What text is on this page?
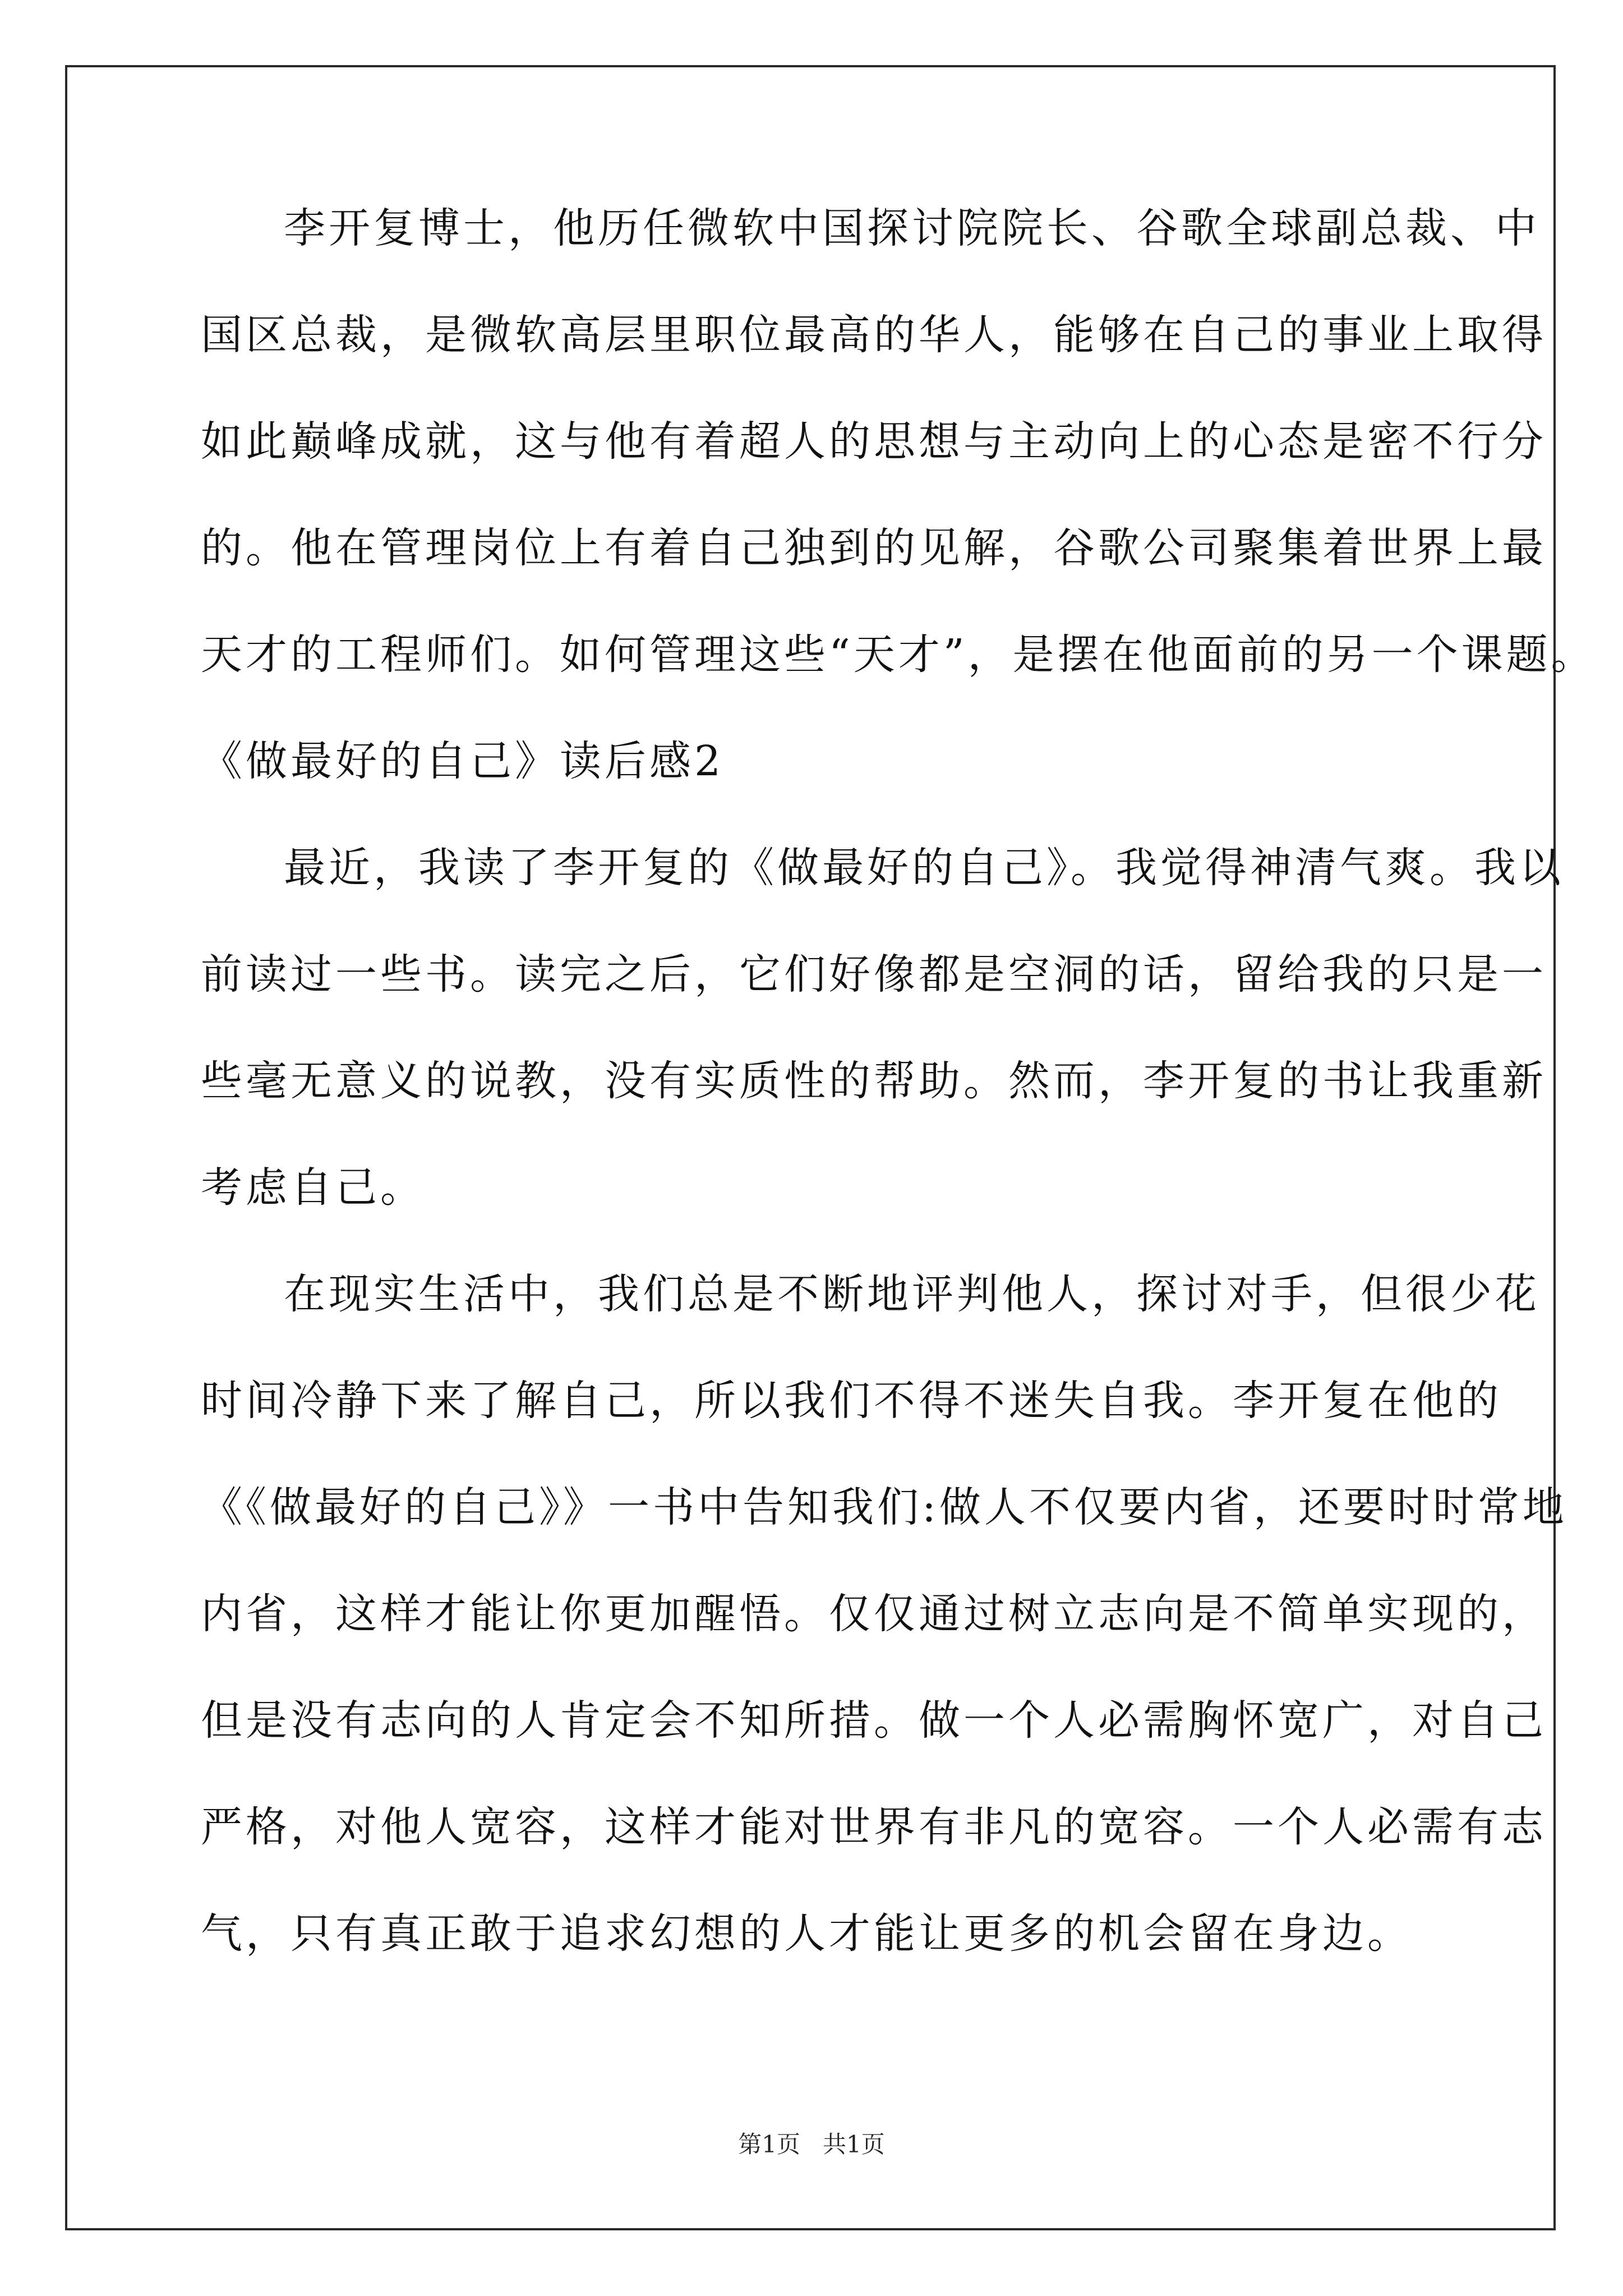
李开复博士，他历任微软中国探讨院院长、谷歌全球副总裁、中
国区总裁，是微软高层里职位最高的华人，能够在自己的事业上取得
如此巅峰成就，这与他有着超人的思想与主动向上的心态是密不行分
的。他在管理岗位上有着自己独到的见解，谷歌公司聚集着世界上最
天才的工程师们。如何管理这些“天才”，是摆在他面前的另一个课题。
《做最好的自己》读后感2
最近，我读了李开复的《做最好的自己》。我觉得神清气爽。我以
前读过一些书。读完之后，它们好像都是空洞的话，留给我的只是一
些毫无意义的说教，没有实质性的帮助。然而，李开复的书让我重新
考虑自己。
在现实生活中，我们总是不断地评判他人，探讨对手，但很少花
时间冷静下来了解自己，所以我们不得不迷失自我。李开复在他的
《《做最好的自己》》一书中告知我们:做人不仅要内省，还要时时常地
内省，这样才能让你更加醒悟。仅仅通过树立志向是不简单实现的，
但是没有志向的人肯定会不知所措。做一个人必需胸怀宽广，对自己
严格，对他人宽容，这样才能对世界有非凡的宽容。一个人必需有志
气，只有真正敢于追求幻想的人才能让更多的机会留在身边。
第1页   共1页
